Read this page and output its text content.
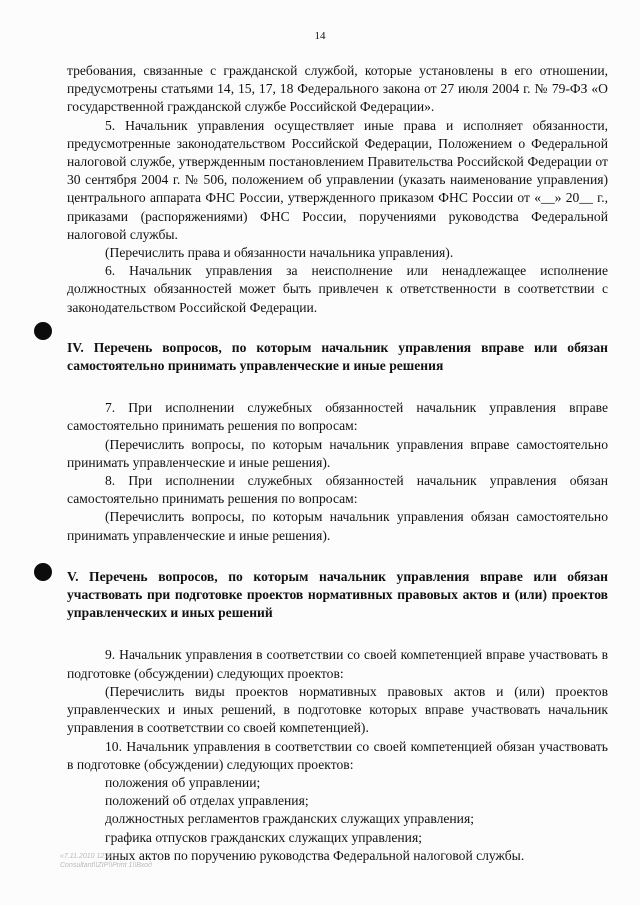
14

требования, связанные с гражданской службой, которые установлены в его отношении, предусмотрены статьями 14, 15, 17, 18 Федерального закона от 27 июля 2004 г. № 79-ФЗ «О государственной гражданской службе Российской Федерации».

5. Начальник управления осуществляет иные права и исполняет обязанности, предусмотренные законодательством Российской Федерации, Положением о Федеральной налоговой службе, утвержденным постановлением Правительства Российской Федерации от 30 сентября 2004 г. № 506, положением об управлении (указать наименование управления) центрального аппарата ФНС России, утвержденного приказом ФНС России от «__» 20__ г., приказами (распоряжениями) ФНС России, поручениями руководства Федеральной налоговой службы.

(Перечислить права и обязанности начальника управления).

6. Начальник управления за неисполнение или ненадлежащее исполнение должностных обязанностей может быть привлечен к ответственности в соответствии с законодательством Российской Федерации.

IV. Перечень вопросов, по которым начальник управления вправе или обязан самостоятельно принимать управленческие и иные решения

7. При исполнении служебных обязанностей начальник управления вправе самостоятельно принимать решения по вопросам:

(Перечислить вопросы, по которым начальник управления вправе самостоятельно принимать управленческие и иные решения).

8. При исполнении служебных обязанностей начальник управления обязан самостоятельно принимать решения по вопросам:

(Перечислить вопросы, по которым начальник управления обязан самостоятельно принимать управленческие и иные решения).

V. Перечень вопросов, по которым начальник управления вправе или обязан участвовать при подготовке проектов нормативных правовых актов и (или) проектов управленческих и иных решений

9. Начальник управления в соответствии со своей компетенцией вправе участвовать в подготовке (обсуждении) следующих проектов:

(Перечислить виды проектов нормативных правовых актов и (или) проектов управленческих и иных решений, в подготовке которых вправе участвовать начальник управления в соответствии со своей компетенцией).

10. Начальник управления в соответствии со своей компетенцией обязан участвовать в подготовке (обсуждении) следующих проектов:

положения об управлении;

положений об отделах управления;

должностных регламентов гражданских служащих управления;

графика отпусков гражданских служащих управления;

иных актов по поручению руководства Федеральной налоговой службы.

«7.11.2010 12:30
Consultant\\ZIP\\Print 1\\Вход
